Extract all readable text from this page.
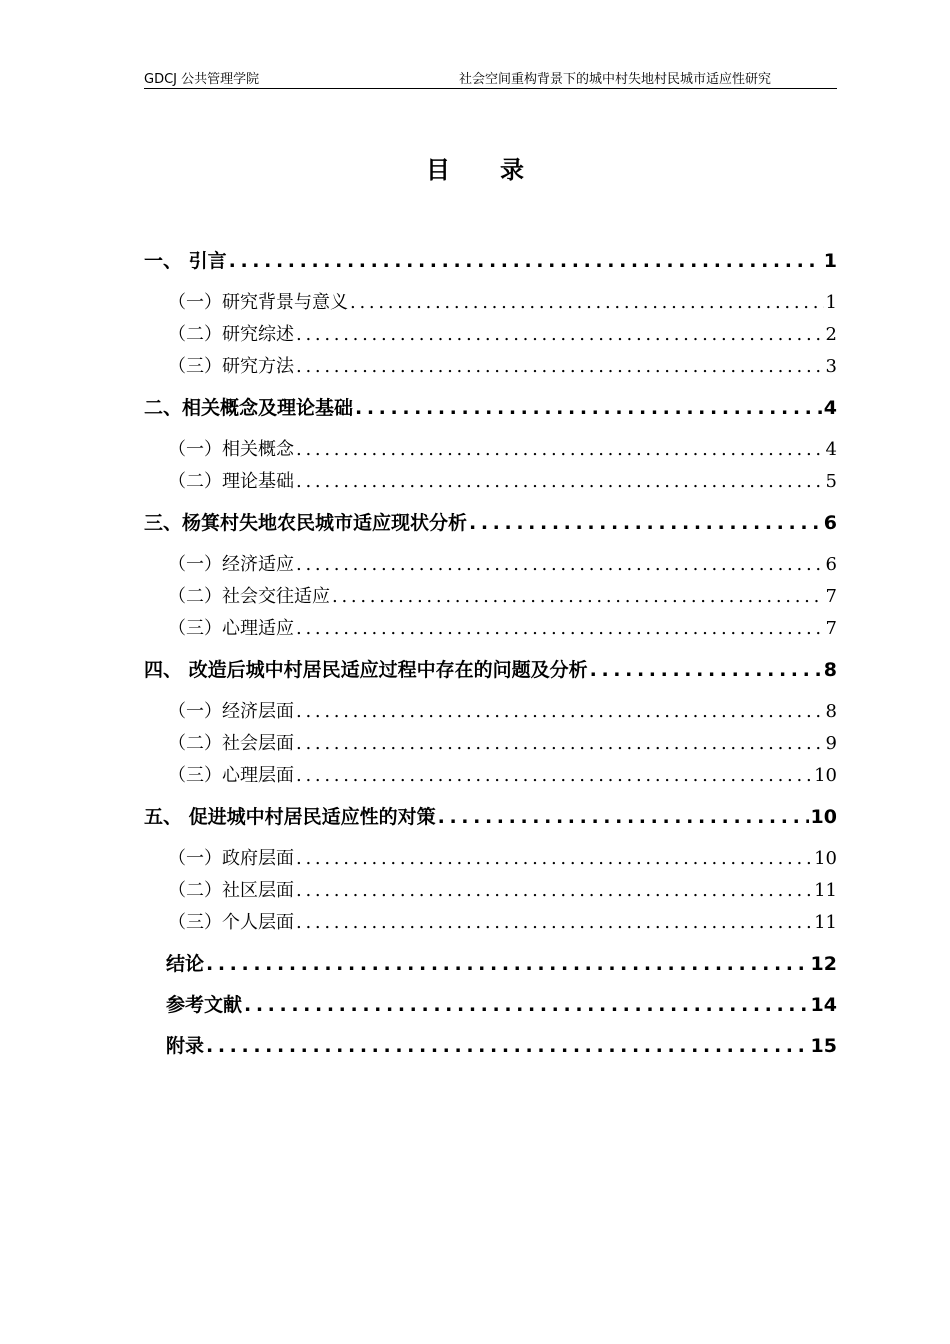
GDCJ 公共管理学院	社会空间重构背景下的城中村失地村民城市适应性研究
目 录
一、 引言 . . .	1
（一）研究背景与意义 . . .	1
（二）研究综述 . . .	2
（三）研究方法 . . .	3
二、相关概念及理论基础 . . .	4
（一）相关概念 . . .	4
（二）理论基础 . . .	5
三、杨箕村失地农民城市适应现状分析 . . .	6
（一）经济适应 . . .	6
（二）社会交往适应 . . .	7
（三）心理适应 . . .	7
四、 改造后城中村居民适应过程中存在的问题及分析 . . .	8
（一）经济层面 . . .	8
（二）社会层面 . . .	9
（三）心理层面 . . .	10
五、 促进城中村居民适应性的对策 . . .	10
（一）政府层面 . . .	10
（二）社区层面 . . .	11
（三）个人层面 . . .	11
结论 . . .	12
参考文献 . . .	14
附录 . . .	15
